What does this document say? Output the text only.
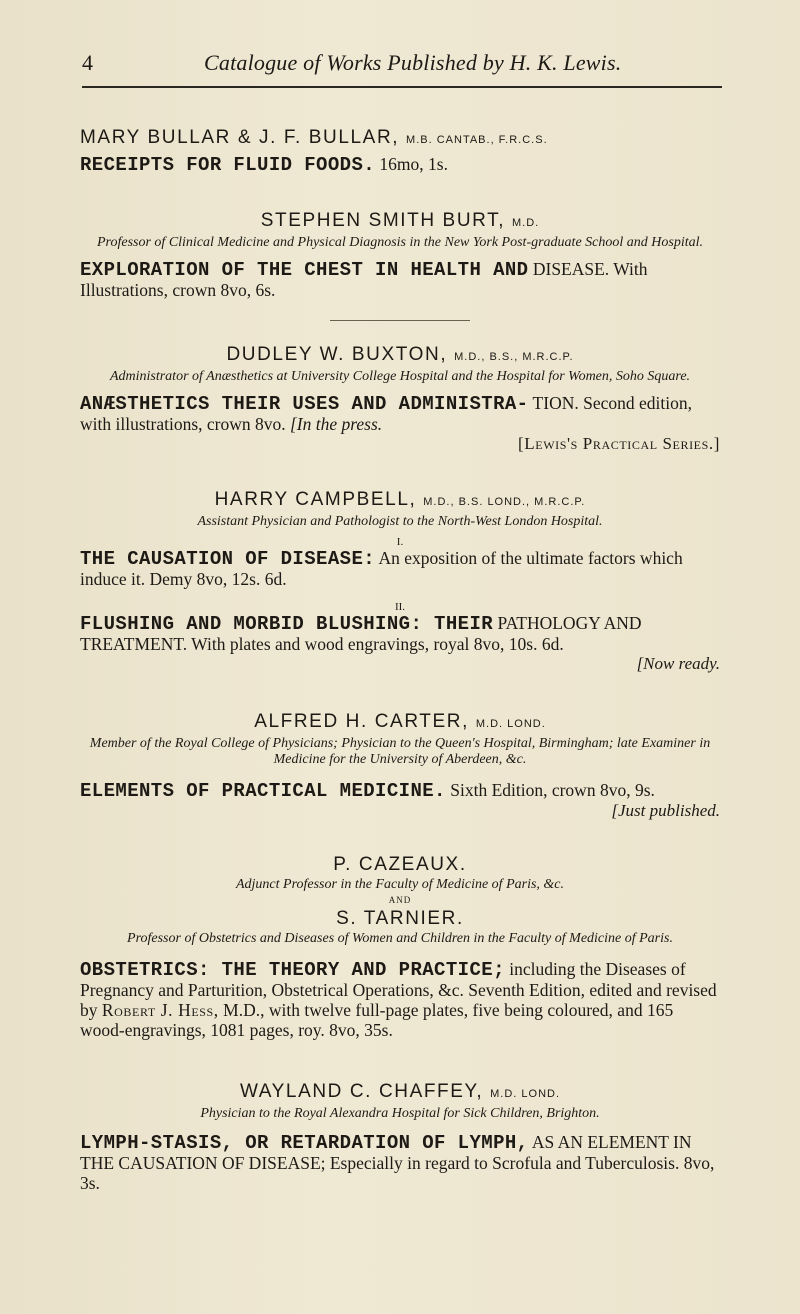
4	Catalogue of Works Published by H. K. Lewis.
MARY BULLAR & J. F. BULLAR, M.B. CANTAB., F.R.C.S.
RECEIPTS FOR FLUID FOODS. 16mo, 1s.
STEPHEN SMITH BURT, M.D.
Professor of Clinical Medicine and Physical Diagnosis in the New York Post-graduate School and Hospital.
EXPLORATION OF THE CHEST IN HEALTH AND DISEASE. With Illustrations, crown 8vo, 6s.
DUDLEY W. BUXTON, M.D., B.S., M.R.C.P.
Administrator of Anæsthetics at University College Hospital and the Hospital for Women, Soho Square.
ANÆSTHETICS THEIR USES AND ADMINISTRA- TION. Second edition, with illustrations, crown 8vo. [In the press.
[Lewis's Practical Series.]
HARRY CAMPBELL, M.D., B.S. LOND., M.R.C.P.
Assistant Physician and Pathologist to the North-West London Hospital.
I.
THE CAUSATION OF DISEASE: An exposition of the ultimate factors which induce it. Demy 8vo, 12s. 6d.
II.
FLUSHING AND MORBID BLUSHING: THEIR PATHOLOGY AND TREATMENT. With plates and wood engravings, royal 8vo, 10s. 6d.
[Now ready.
ALFRED H. CARTER, M.D. LOND.
Member of the Royal College of Physicians; Physician to the Queen's Hospital, Birmingham; late Examiner in Medicine for the University of Aberdeen, &c.
ELEMENTS OF PRACTICAL MEDICINE. Sixth Edition, crown 8vo, 9s.
[Just published.
P. CAZEAUX.
Adjunct Professor in the Faculty of Medicine of Paris, &c.
AND
S. TARNIER.
Professor of Obstetrics and Diseases of Women and Children in the Faculty of Medicine of Paris.
OBSTETRICS: THE THEORY AND PRACTICE; including the Diseases of Pregnancy and Parturition, Obstetrical Operations, &c. Seventh Edition, edited and revised by Robert J. Hess, M.D., with twelve full-page plates, five being coloured, and 165 wood-engravings, 1081 pages, roy. 8vo, 35s.
WAYLAND C. CHAFFEY, M.D. LOND.
Physician to the Royal Alexandra Hospital for Sick Children, Brighton.
LYMPH-STASIS, OR RETARDATION OF LYMPH, AS AN ELEMENT IN THE CAUSATION OF DISEASE; Especially in regard to Scrofula and Tuberculosis. 8vo, 3s.
